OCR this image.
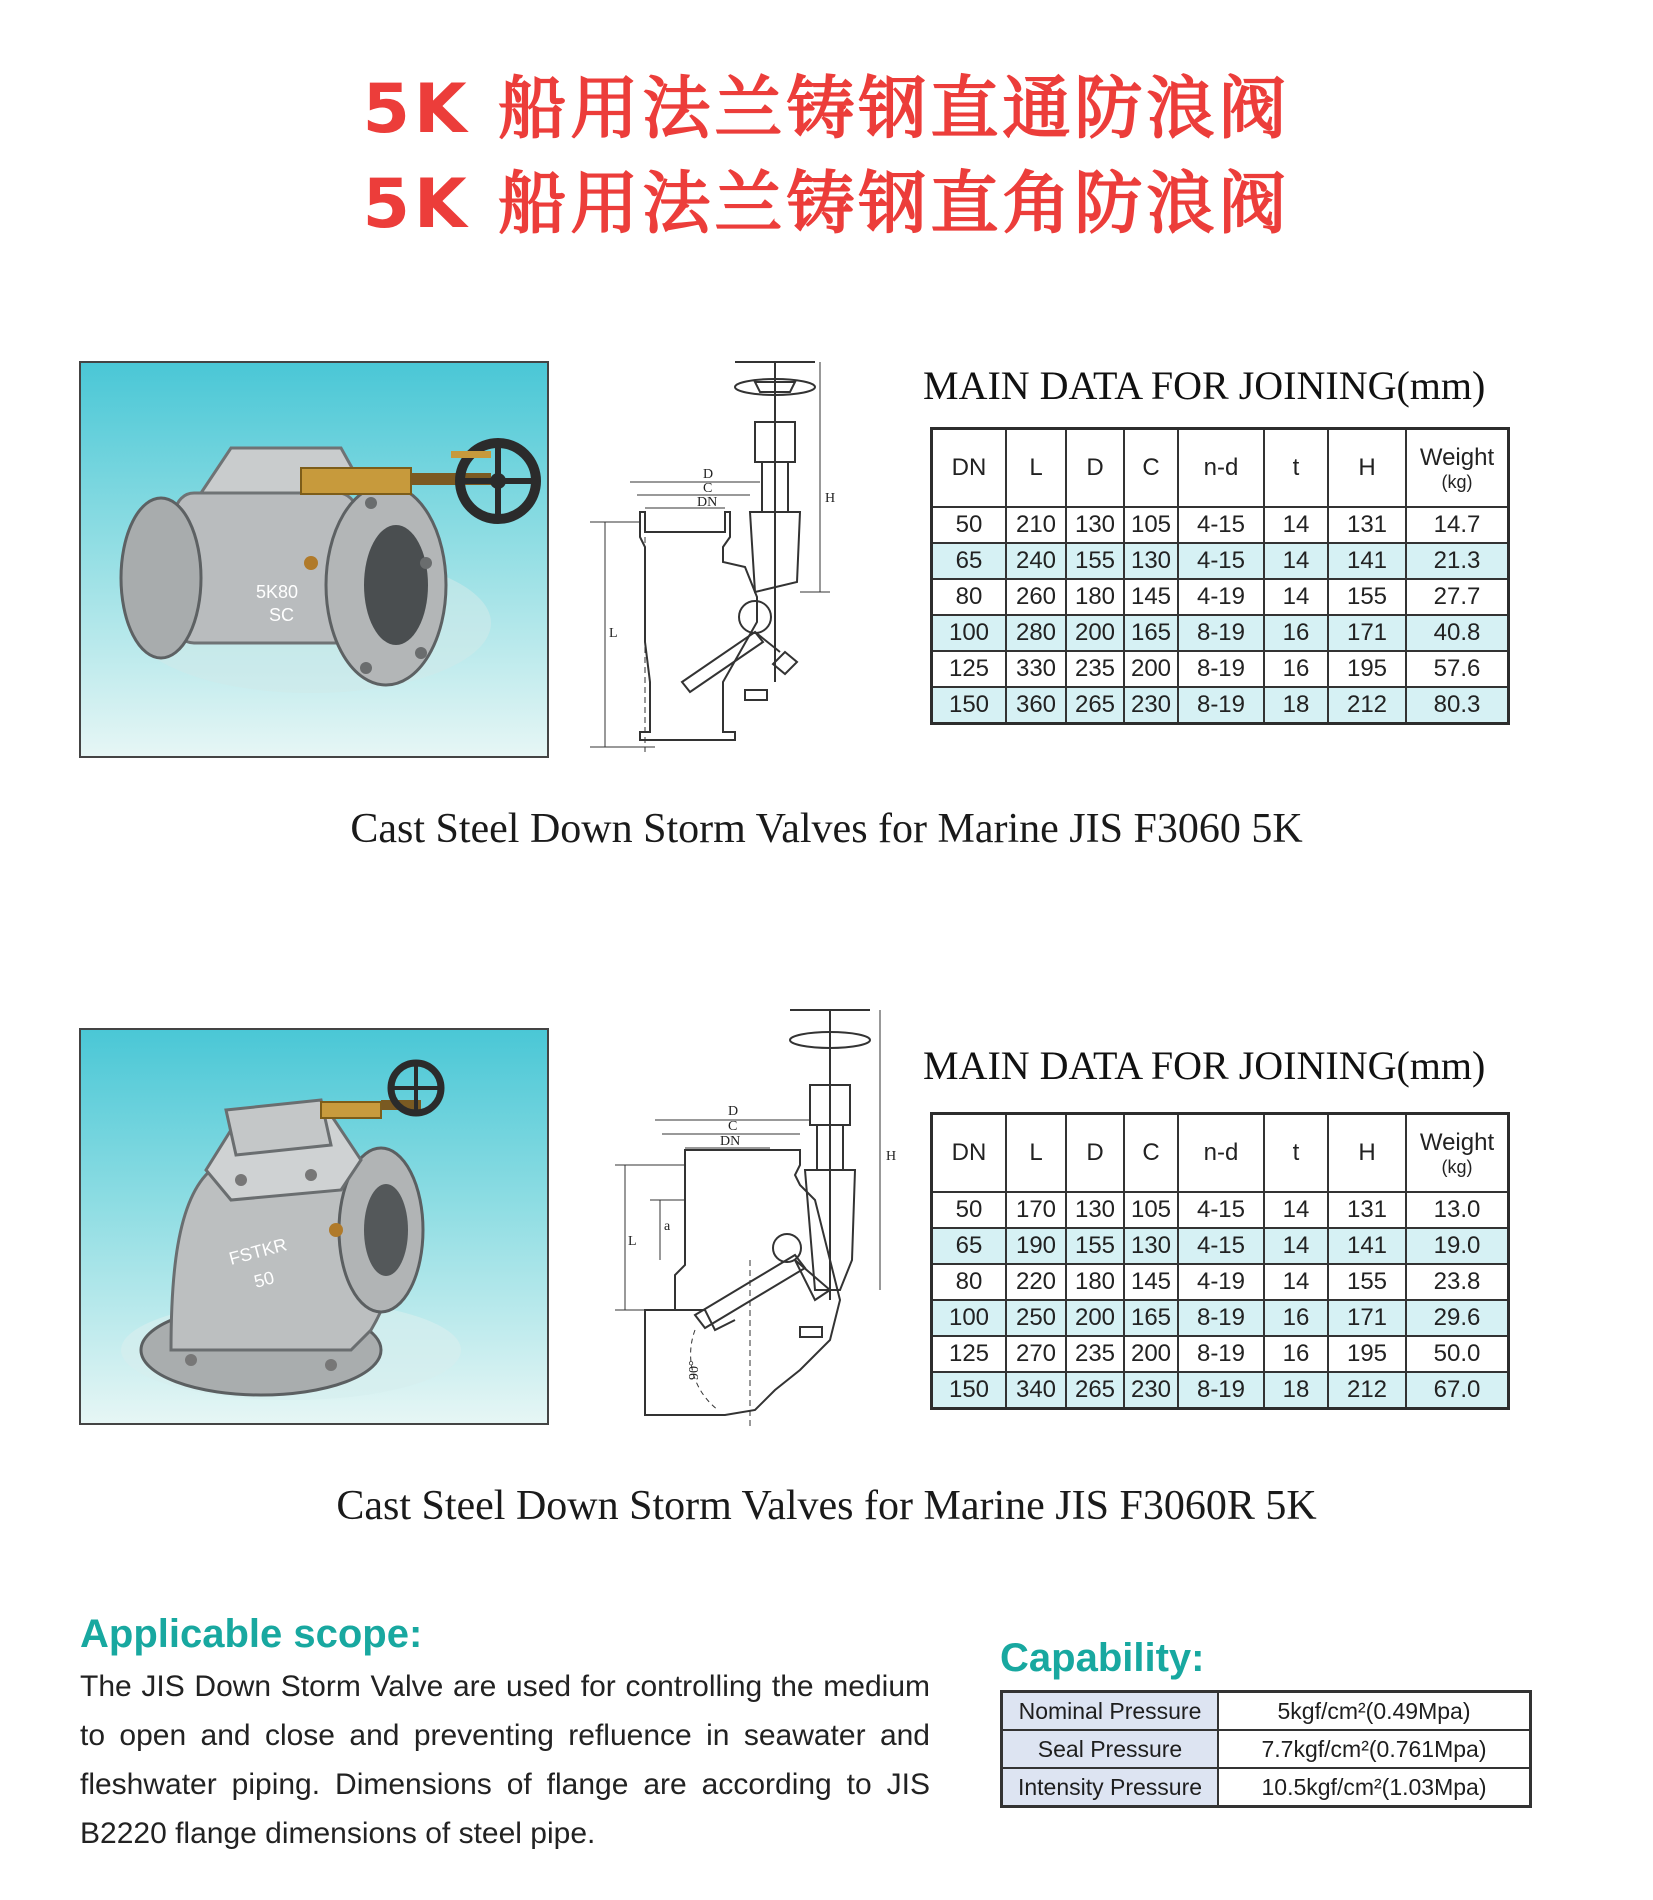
5K 船用法兰铸钢直通防浪阀
5K 船用法兰铸钢直角防浪阀
5K80
SC
D
C
DN	H
L
MAIN DATA FOR JOINING(mm)
DN	L	D	C	n-d	t	H	Weight
(kg)

50	210	130	105	4-15	14	131	14.7
65	240	155	130	4-15	14	141	21.3
80	260	180	145	4-19	14	155	27.7
100	280	200	165	8-19	16	171	40.8
125	330	235	200	8-19	16	195	57.6
150	360	265	230	8-19	18	212	80.3
Cast Steel Down Storm Valves for Marine JIS F3060 5K
FSTKR
50
D
C
DN
H
L
a
90°
MAIN DATA FOR JOINING(mm)
DN	L	D	C	n-d	t	H	Weight
(kg)

50	170	130	105	4-15	14	131	13.0
65	190	155	130	4-15	14	141	19.0
80	220	180	145	4-19	14	155	23.8
100	250	200	165	8-19	16	171	29.6
125	270	235	200	8-19	16	195	50.0
150	340	265	230	8-19	18	212	67.0
Cast Steel Down Storm Valves for Marine JIS F3060R 5K
Applicable scope:
The JIS Down Storm Valve are used for controlling the medium to open and close and preventing refluence in seawater and fleshwater piping. Dimensions of flange are according to JIS B2220 flange dimensions of steel pipe.
Capability:
Nominal Pressure	5kgf/cm²(0.49Mpa)
Seal Pressure	7.7kgf/cm²(0.761Mpa)
Intensity Pressure	10.5kgf/cm²(1.03Mpa)
